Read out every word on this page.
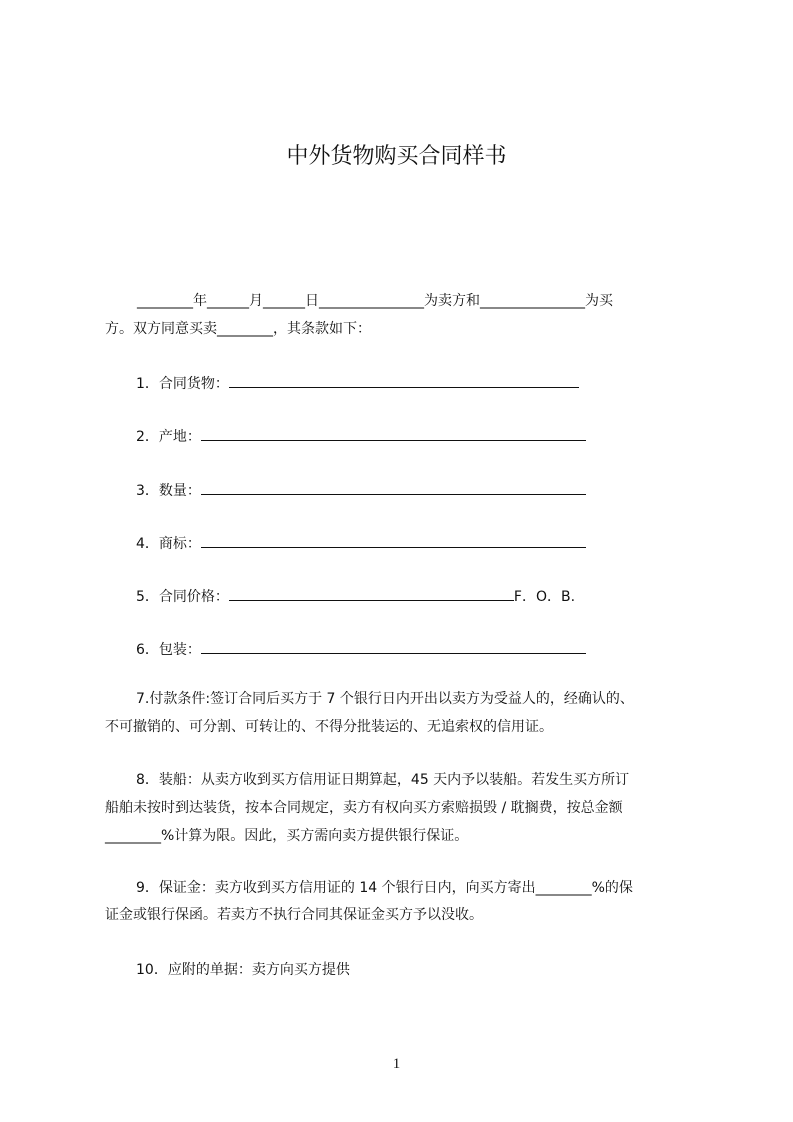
中外货物购买合同样书
________年______月______日_______________为卖方和_______________为买
方。双方同意买卖________，其条款如下：
1．合同货物：
2．产地：
3．数量：
4．商标：
5．合同价格：	F．O．B.
6．包装：
7.付款条件:签订合同后买方于 7 个银行日内开出以卖方为受益人的，经确认的、
不可撤销的、可分割、可转让的、不得分批装运的、无追索权的信用证。
8．装船：从卖方收到买方信用证日期算起，45 天内予以装船。若发生买方所订
船舶未按时到达装货，按本合同规定，卖方有权向买方索赔损毁 / 耽搁费，按总金额
________%计算为限。因此，买方需向卖方提供银行保证。
9．保证金：卖方收到买方信用证的 14 个银行日内，向买方寄出________%的保
证金或银行保函。若卖方不执行合同其保证金买方予以没收。
10．应附的单据：卖方向买方提供
1
